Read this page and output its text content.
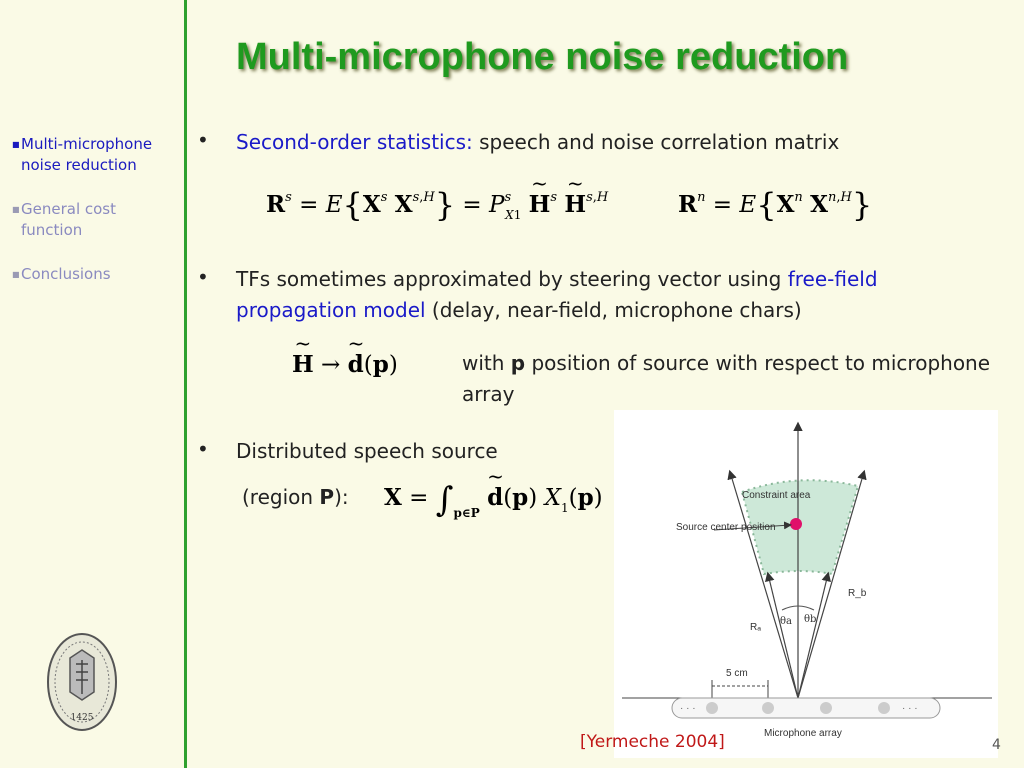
Multi-microphone noise reduction
■ Multi-microphone noise reduction
■ General cost function
■ Conclusions
1425
• Second-order statistics: speech and noise correlation matrix
$R^s = E\{X^s$ $X^{s,H}\} = P^s_{X1}$ ~ $H^s$ ~ $H^{s,H}$	$R^n = E\{X^n$ $X^{n,H}$}
• TFs sometimes approximated by steering vector using free-field propagation model (delay, near-field, microphone chars)
~ H → ~ d(p)	with p position of source with respect to microphone array
• Distributed speech source
(region P): $X = \int_{p\in P}$ ~ d(p) $X_1(p)$	Constraint area
Source center position
Rₐ
R_b
θa θb
5 cm
· · ·	· · ·
Microphone array
[Yermeche 2004]	4
